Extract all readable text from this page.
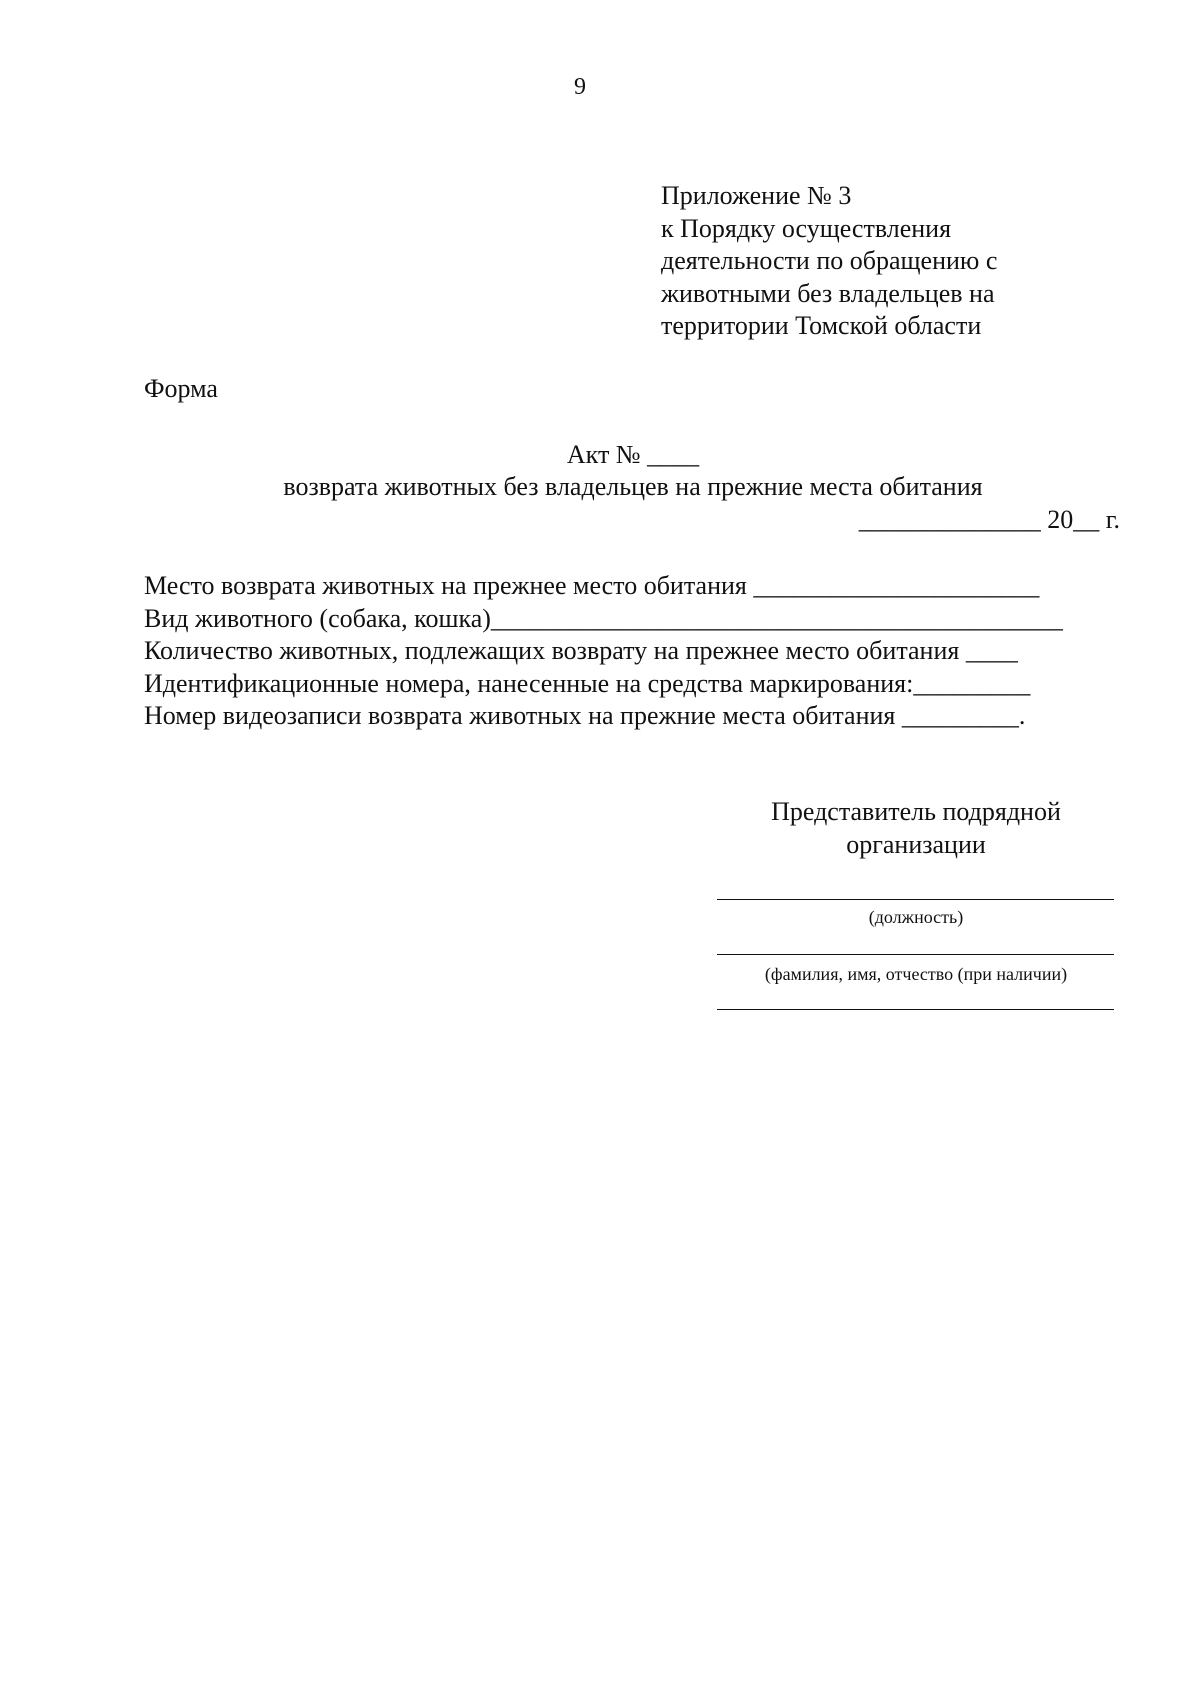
9
Приложение № 3
к Порядку осуществления
деятельности по обращению с
животными без владельцев на
территории Томской области
Форма
Акт № ____
возврата животных без владельцев на прежние места обитания
______________ 20__ г.
Место возврата животных на прежнее место обитания ______________________
Вид животного (собака, кошка)____________________________________________
Количество животных, подлежащих возврату на прежнее место обитания ____
Идентификационные номера, нанесенные на средства маркирования:_________
Номер видеозаписи возврата животных на прежние места обитания _________.
Представитель подрядной
организации
(должность)
(фамилия, имя, отчество (при наличии)
